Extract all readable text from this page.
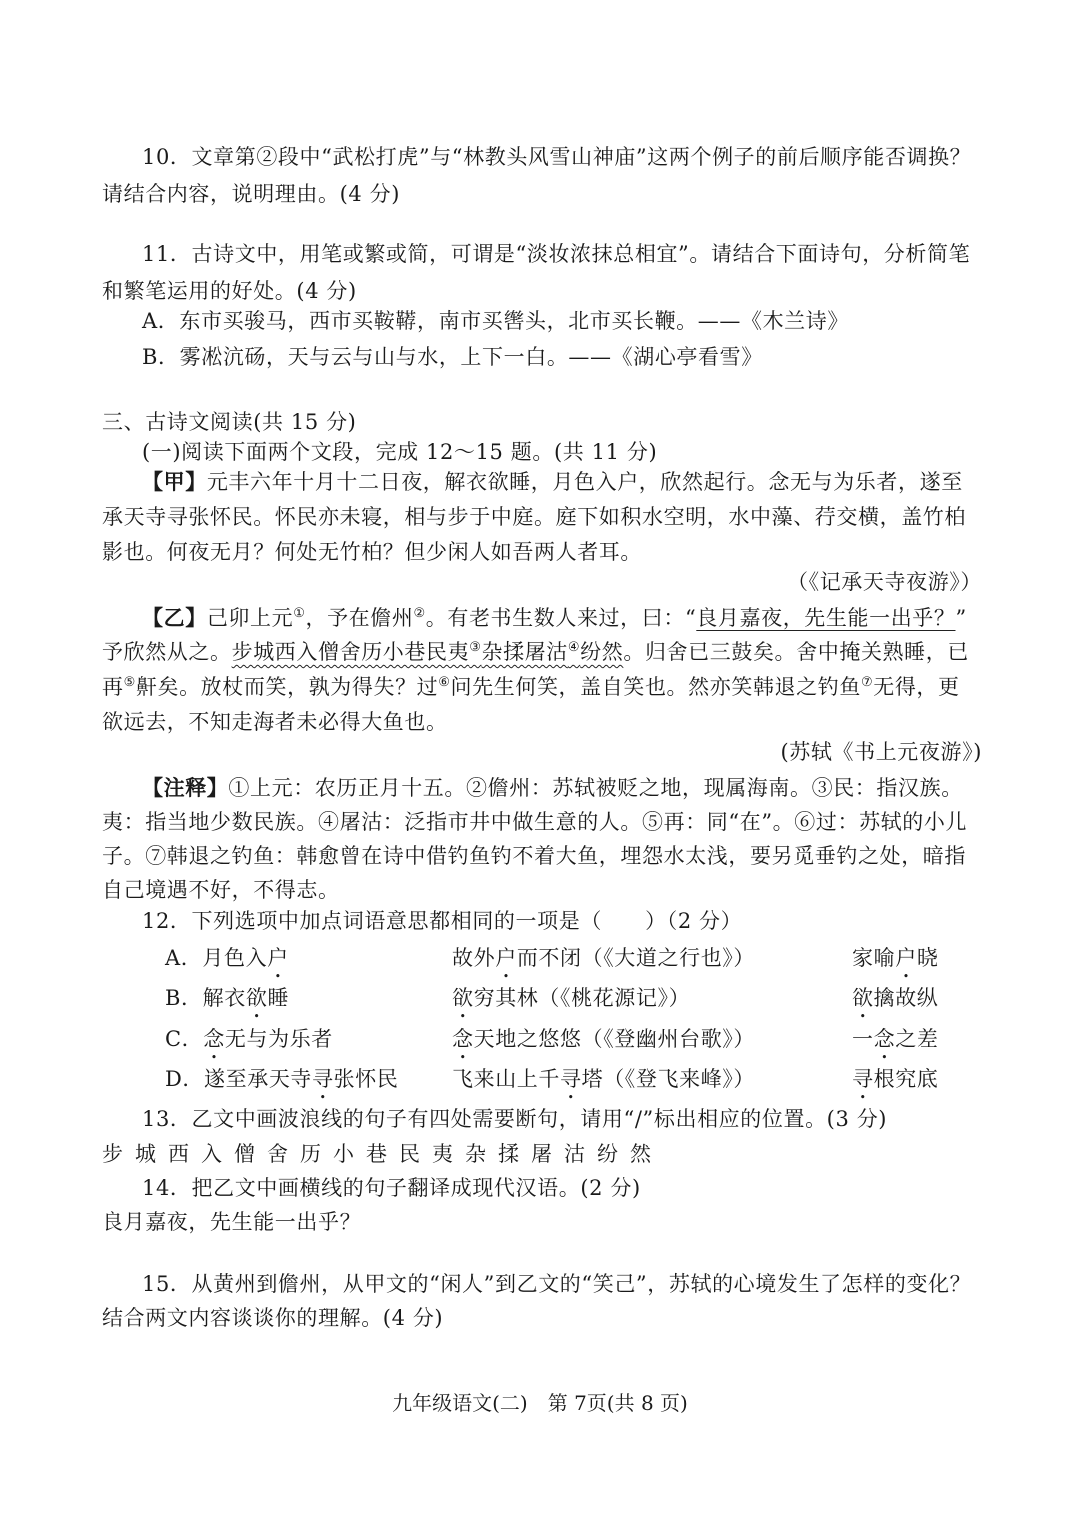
10．文章第②段中“武松打虎”与“林教头风雪山神庙”这两个例子的前后顺序能否调换？
请结合内容，说明理由。(4 分)
11．古诗文中，用笔或繁或简，可谓是“淡妆浓抹总相宜”。请结合下面诗句，分析简笔
和繁笔运用的好处。(4 分)
A．东市买骏马，西市买鞍鞯，南市买辔头，北市买长鞭。——《木兰诗》
B．雾凇沆砀，天与云与山与水，上下一白。——《湖心亭看雪》
三、古诗文阅读(共 15 分)
(一)阅读下面两个文段，完成 12～15 题。(共 11 分)
【甲】元丰六年十月十二日夜，解衣欲睡，月色入户，欣然起行。念无与为乐者，遂至
承天寺寻张怀民。怀民亦未寝，相与步于中庭。庭下如积水空明，水中藻、荇交横，盖竹柏
影也。何夜无月？何处无竹柏？但少闲人如吾两人者耳。
（《记承天寺夜游》）
【乙】己卯上元①，予在儋州②。有老书生数人来过，曰：“良月嘉夜，先生能一出乎？”
予欣然从之。步城西入僧舍历小巷民夷③杂揉屠沽④纷然。归舍已三鼓矣。舍中掩关熟睡，已
再⑤鼾矣。放杖而笑，孰为得失？过⑥问先生何笑，盖自笑也。然亦笑韩退之钓鱼⑦无得，更
欲远去，不知走海者未必得大鱼也。
(苏轼《书上元夜游》)
【注释】①上元：农历正月十五。②儋州：苏轼被贬之地，现属海南。③民：指汉族。
夷：指当地少数民族。④屠沽：泛指市井中做生意的人。⑤再：同“在”。⑥过：苏轼的小儿
子。⑦韩退之钓鱼：韩愈曾在诗中借钓鱼钓不着大鱼，埋怨水太浅，要另觅垂钓之处，暗指
自己境遇不好，不得志。
12．下列选项中加点词语意思都相同的一项是（　　）（2 分）
A．月色入户	故外户而不闭（《大道之行也》）	家喻户晓
B．解衣欲睡	欲穷其林（《桃花源记》）	欲擒故纵
C．念无与为乐者	念天地之悠悠（《登幽州台歌》）	一念之差
D．遂至承天寺寻张怀民	飞来山上千寻塔（《登飞来峰》）	寻根究底
13．乙文中画波浪线的句子有四处需要断句，请用“/”标出相应的位置。(3 分)
步城西入僧舍历小巷民夷杂揉屠沽纷然
14．把乙文中画横线的句子翻译成现代汉语。(2 分)
良月嘉夜，先生能一出乎？
15．从黄州到儋州，从甲文的“闲人”到乙文的“笑己”，苏轼的心境发生了怎样的变化？
结合两文内容谈谈你的理解。(4 分)
九年级语文(二)　第 7页(共 8 页)
